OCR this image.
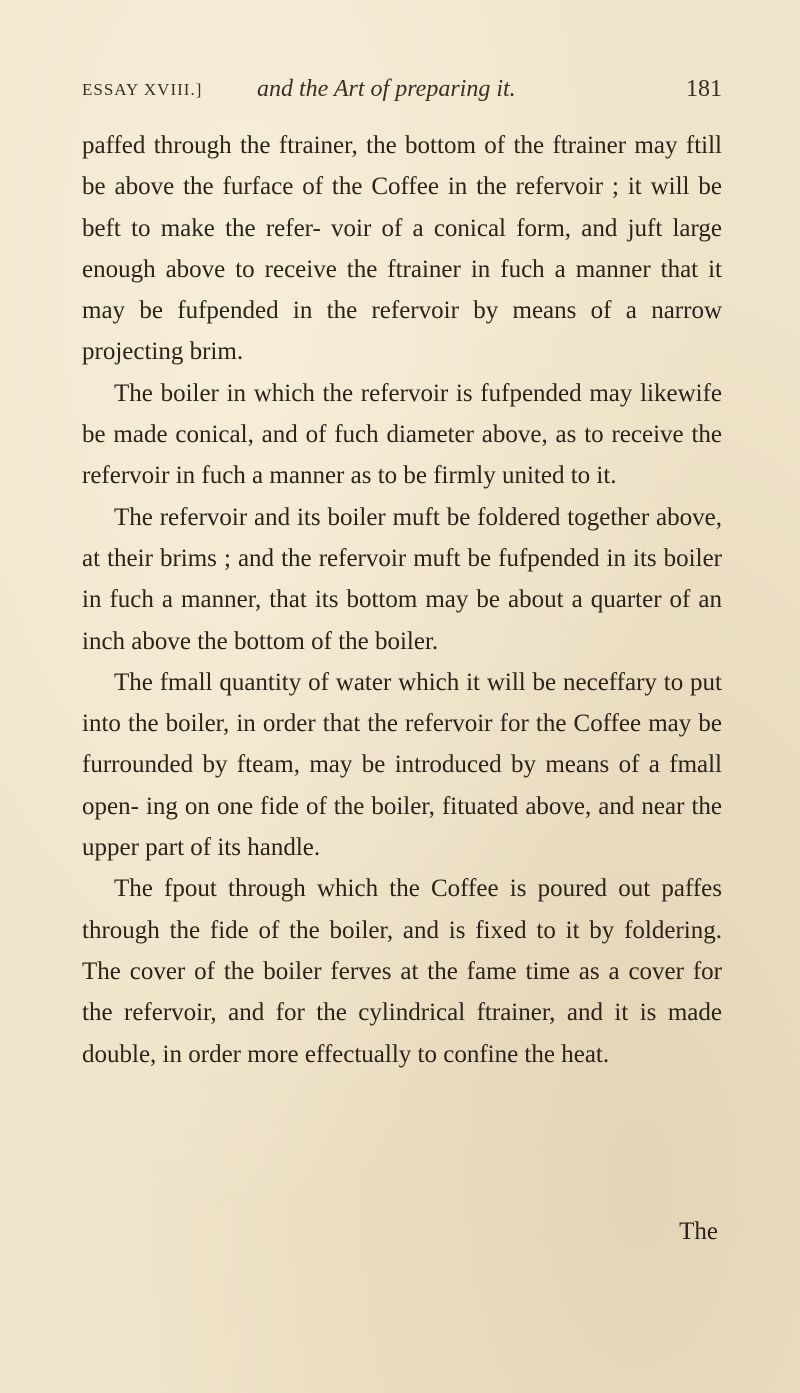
ESSAY XVIII.] and the Art of preparing it.	181

paffed through the ftrainer, the bottom of the ftrainer may ftill be above the furface of the Coffee in the refervoir ; it will be beft to make the refer- voir of a conical form, and juft large enough above to receive the ftrainer in fuch a manner that it may be fufpended in the refervoir by means of a narrow projecting brim.

The boiler in which the refervoir is fufpended may likewife be made conical, and of fuch diameter above, as to receive the refervoir in fuch a manner as to be firmly united to it.

The refervoir and its boiler muft be foldered together above, at their brims ; and the refervoir muft be fufpended in its boiler in fuch a manner, that its bottom may be about a quarter of an inch above the bottom of the boiler.

The fmall quantity of water which it will be neceffary to put into the boiler, in order that the refervoir for the Coffee may be furrounded by fteam, may be introduced by means of a fmall open- ing on one fide of the boiler, fituated above, and near the upper part of its handle.

The fpout through which the Coffee is poured out paffes through the fide of the boiler, and is fixed to it by foldering. The cover of the boiler ferves at the fame time as a cover for the refervoir, and for the cylindrical ftrainer, and it is made double, in order more effectually to confine the heat.

The
